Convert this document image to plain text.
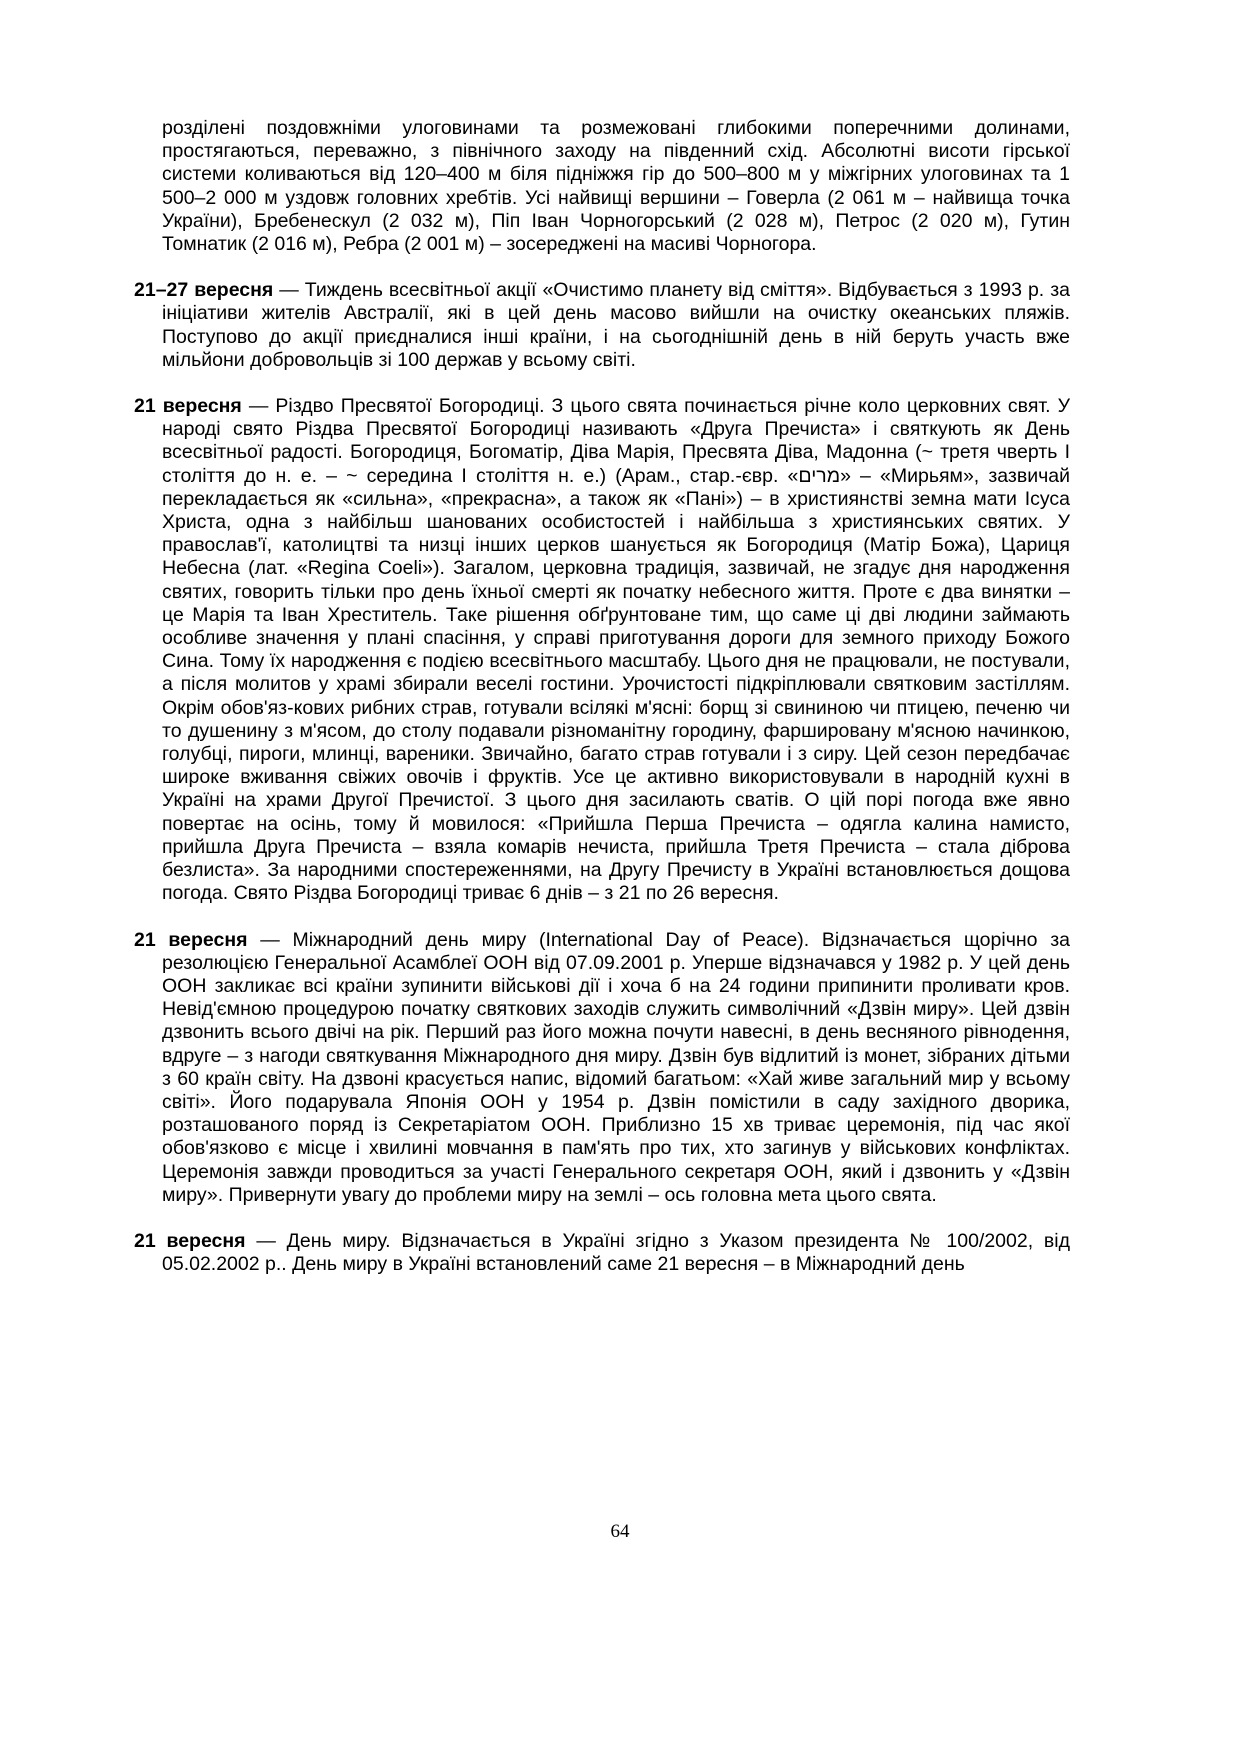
розділені поздовжніми улоговинами та розмежовані глибокими поперечними долинами, простягаються, переважно, з північного заходу на південний схід. Абсолютні висоти гірської системи коливаються від 120–400 м біля підніжжя гір до 500–800 м у міжгірних улоговинах та 1 500–2 000 м уздовж головних хребтів. Усі найвищі вершини – Говерла (2 061 м – найвища точка України), Бребенескул (2 032 м), Піп Іван Чорногорський (2 028 м), Петрос (2 020 м), Гутин Томнатик (2 016 м), Ребра (2 001 м) – зосереджені на масиві Чорногора.

21–27 вересня — Тиждень всесвітньої акції «Очистимо планету від сміття». Відбувається з 1993 р. за ініціативи жителів Австралії, які в цей день масово вийшли на очистку океанських пляжів. Поступово до акції приєдналися інші країни, і на сьогоднішній день в ній беруть участь вже мільйони добровольців зі 100 держав у всьому світі.

21 вересня — Різдво Пресвятої Богородиці. З цього свята починається річне коло церковних свят. У народі свято Різдва Пресвятої Богородиці називають «Друга Пречиста» і святкують як День всесвітньої радості. Богородиця, Богоматір, Діва Марія, Пресвята Діва, Мадонна (~ третя чверть I століття до н. е. – ~ середина I століття н. е.) (Арам., стар.-євр. «מרים» – «Мирьям», зазвичай перекладається як «сильна», «прекрасна», а також як «Пані») – в християнстві земна мати Ісуса Христа, одна з найбільш шанованих особистостей і найбільша з християнських святих. У православ'ї, католицтві та низці інших церков шанується як Богородиця (Матір Божа), Цариця Небесна (лат. «Regina Coeli»). Загалом, церковна традиція, зазвичай, не згадує дня народження святих, говорить тільки про день їхньої смерті як початку небесного життя. Проте є два винятки – це Марія та Іван Хреститель. Таке рішення обґрунтоване тим, що саме ці дві людини займають особливе значення у плані спасіння, у справі приготування дороги для земного приходу Божого Сина. Тому їх народження є подією всесвітнього масштабу. Цього дня не працювали, не постували, а після молитов у храмі збирали веселі гостини. Урочистості підкріплювали святковим застіллям. Окрім обов'яз-кових рибних страв, готували всілякі м'ясні: борщ зі свининою чи птицею, печеню чи то душенину з м'ясом, до столу подавали різноманітну городину, фаршировану м'ясною начинкою, голубці, пироги, млинці, вареники. Звичайно, багато страв готували і з сиру. Цей сезон передбачає широке вживання свіжих овочів і фруктів. Усе це активно використовували в народній кухні в Україні на храми Другої Пречистої. З цього дня засилають сватів. О цій порі погода вже явно повертає на осінь, тому й мовилося: «Прийшла Перша Пречиста – одягла калина намисто, прийшла Друга Пречиста – взяла комарів нечиста, прийшла Третя Пречиста – стала діброва безлиста». За народними спостереженнями, на Другу Пречисту в Україні встановлюється дощова погода. Свято Різдва Богородиці триває 6 днів – з 21 по 26 вересня.

21 вересня — Міжнародний день миру (International Day of Peace). Відзначається щорічно за резолюцією Генеральної Асамблеї ООН від 07.09.2001 р. Уперше відзначався у 1982 р. У цей день ООН закликає всі країни зупинити військові дії і хоча б на 24 години припинити проливати кров. Невід'ємною процедурою початку святкових заходів служить символічний «Дзвін миру». Цей дзвін дзвонить всього двічі на рік. Перший раз його можна почути навесні, в день весняного рівнодення, вдруге – з нагоди святкування Міжнародного дня миру. Дзвін був відлитий із монет, зібраних дітьми з 60 країн світу. На дзвоні красується напис, відомий багатьом: «Хай живе загальний мир у всьому світі». Його подарувала Японія ООН у 1954 р. Дзвін помістили в саду західного дворика, розташованого поряд із Секретаріатом ООН. Приблизно 15 хв триває церемонія, під час якої обов'язково є місце і хвилині мовчання в пам'ять про тих, хто загинув у військових конфліктах. Церемонія завжди проводиться за участі Генерального секретаря ООН, який і дзвонить у «Дзвін миру». Привернути увагу до проблеми миру на землі – ось головна мета цього свята.

21 вересня — День миру. Відзначається в Україні згідно з Указом президента № 100/2002, від 05.02.2002 р.. День миру в Україні встановлений саме 21 вересня – в Міжнародний день

64
